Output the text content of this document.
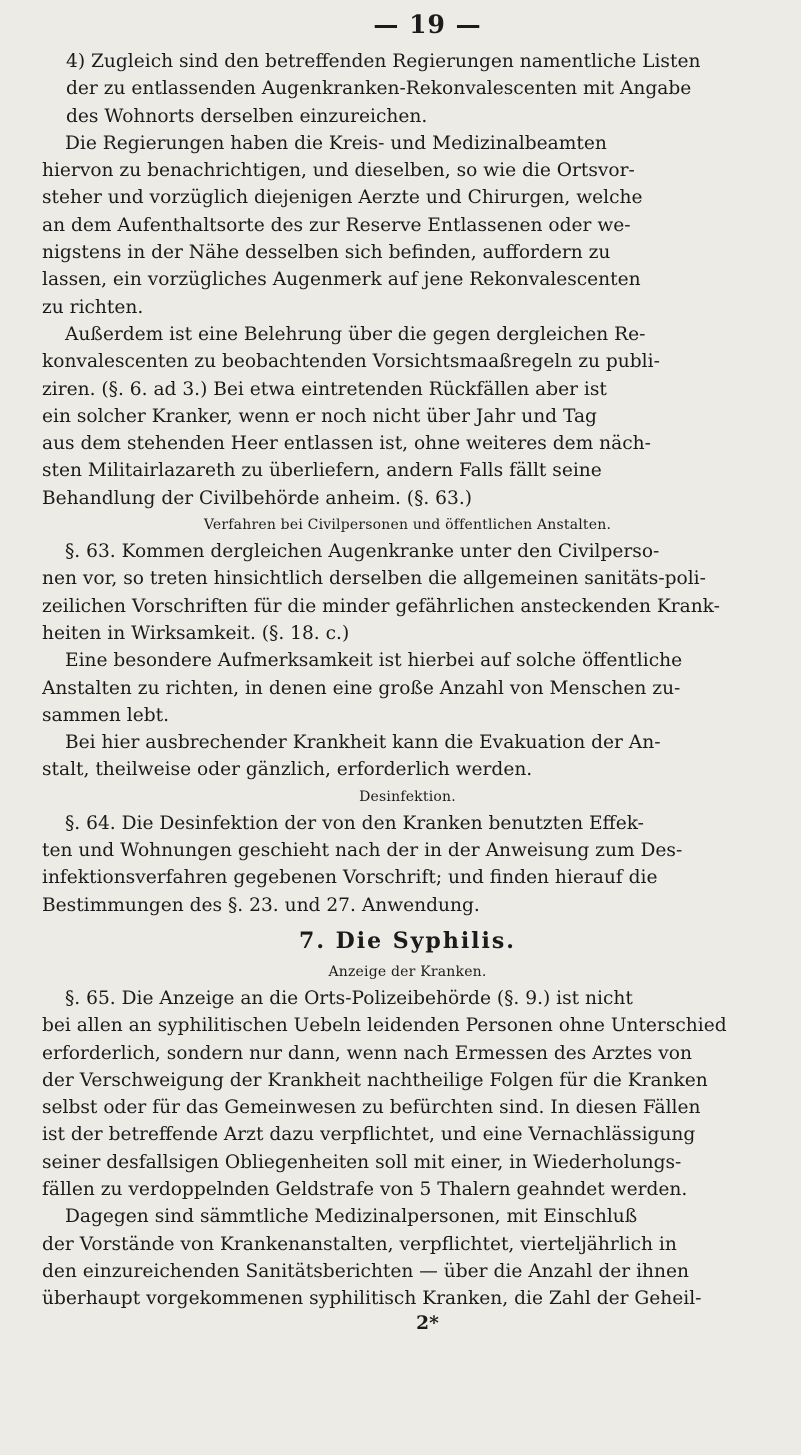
— 19 —

4) Zugleich sind den betreffenden Regierungen namentliche Listen
der zu entlassenden Augenkranken-Rekonvalescenten mit Angabe
des Wohnorts derselben einzureichen.

Die Regierungen haben die Kreis- und Medizinalbeamten
hiervon zu benachrichtigen, und dieselben, so wie die Ortsvor-
steher und vorzüglich diejenigen Aerzte und Chirurgen, welche
an dem Aufenthaltsorte des zur Reserve Entlassenen oder we-
nigstens in der Nähe desselben sich befinden, auffordern zu
lassen, ein vorzügliches Augenmerk auf jene Rekonvalescenten
zu richten.

Außerdem ist eine Belehrung über die gegen dergleichen Re-
konvalescenten zu beobachtenden Vorsichtsmaaßregeln zu publi-
ziren. (§. 6. ad 3.) Bei etwa eintretenden Rückfällen aber ist
ein solcher Kranker, wenn er noch nicht über Jahr und Tag
aus dem stehenden Heer entlassen ist, ohne weiteres dem näch-
sten Militairlazareth zu überliefern, andern Falls fällt seine
Behandlung der Civilbehörde anheim. (§. 63.)

Verfahren bei Civilpersonen und öffentlichen Anstalten.

§. 63. Kommen dergleichen Augenkranke unter den Civilperso-
nen vor, so treten hinsichtlich derselben die allgemeinen sanitäts-poli-
zeilichen Vorschriften für die minder gefährlichen ansteckenden Krank-
heiten in Wirksamkeit. (§. 18. c.)

Eine besondere Aufmerksamkeit ist hierbei auf solche öffentliche
Anstalten zu richten, in denen eine große Anzahl von Menschen zu-
sammen lebt.

Bei hier ausbrechender Krankheit kann die Evakuation der An-
stalt, theilweise oder gänzlich, erforderlich werden.

Desinfektion.

§. 64. Die Desinfektion der von den Kranken benutzten Effek-
ten und Wohnungen geschieht nach der in der Anweisung zum Des-
infektionsverfahren gegebenen Vorschrift; und finden hierauf die
Bestimmungen des §. 23. und 27. Anwendung.

7. Die Syphilis.

Anzeige der Kranken.

§. 65. Die Anzeige an die Orts-Polizeibehörde (§. 9.) ist nicht
bei allen an syphilitischen Uebeln leidenden Personen ohne Unterschied
erforderlich, sondern nur dann, wenn nach Ermessen des Arztes von
der Verschweigung der Krankheit nachtheilige Folgen für die Kranken
selbst oder für das Gemeinwesen zu befürchten sind. In diesen Fällen
ist der betreffende Arzt dazu verpflichtet, und eine Vernachlässigung
seiner desfallsigen Obliegenheiten soll mit einer, in Wiederholungs-
fällen zu verdoppelnden Geldstrafe von 5 Thalern geahndet werden.

Dagegen sind sämmtliche Medizinalpersonen, mit Einschluß
der Vorstände von Krankenanstalten, verpflichtet, vierteljährlich in
den einzureichenden Sanitätsberichten — über die Anzahl der ihnen
überhaupt vorgekommenen syphilitisch Kranken, die Zahl der Geheil-

2*
